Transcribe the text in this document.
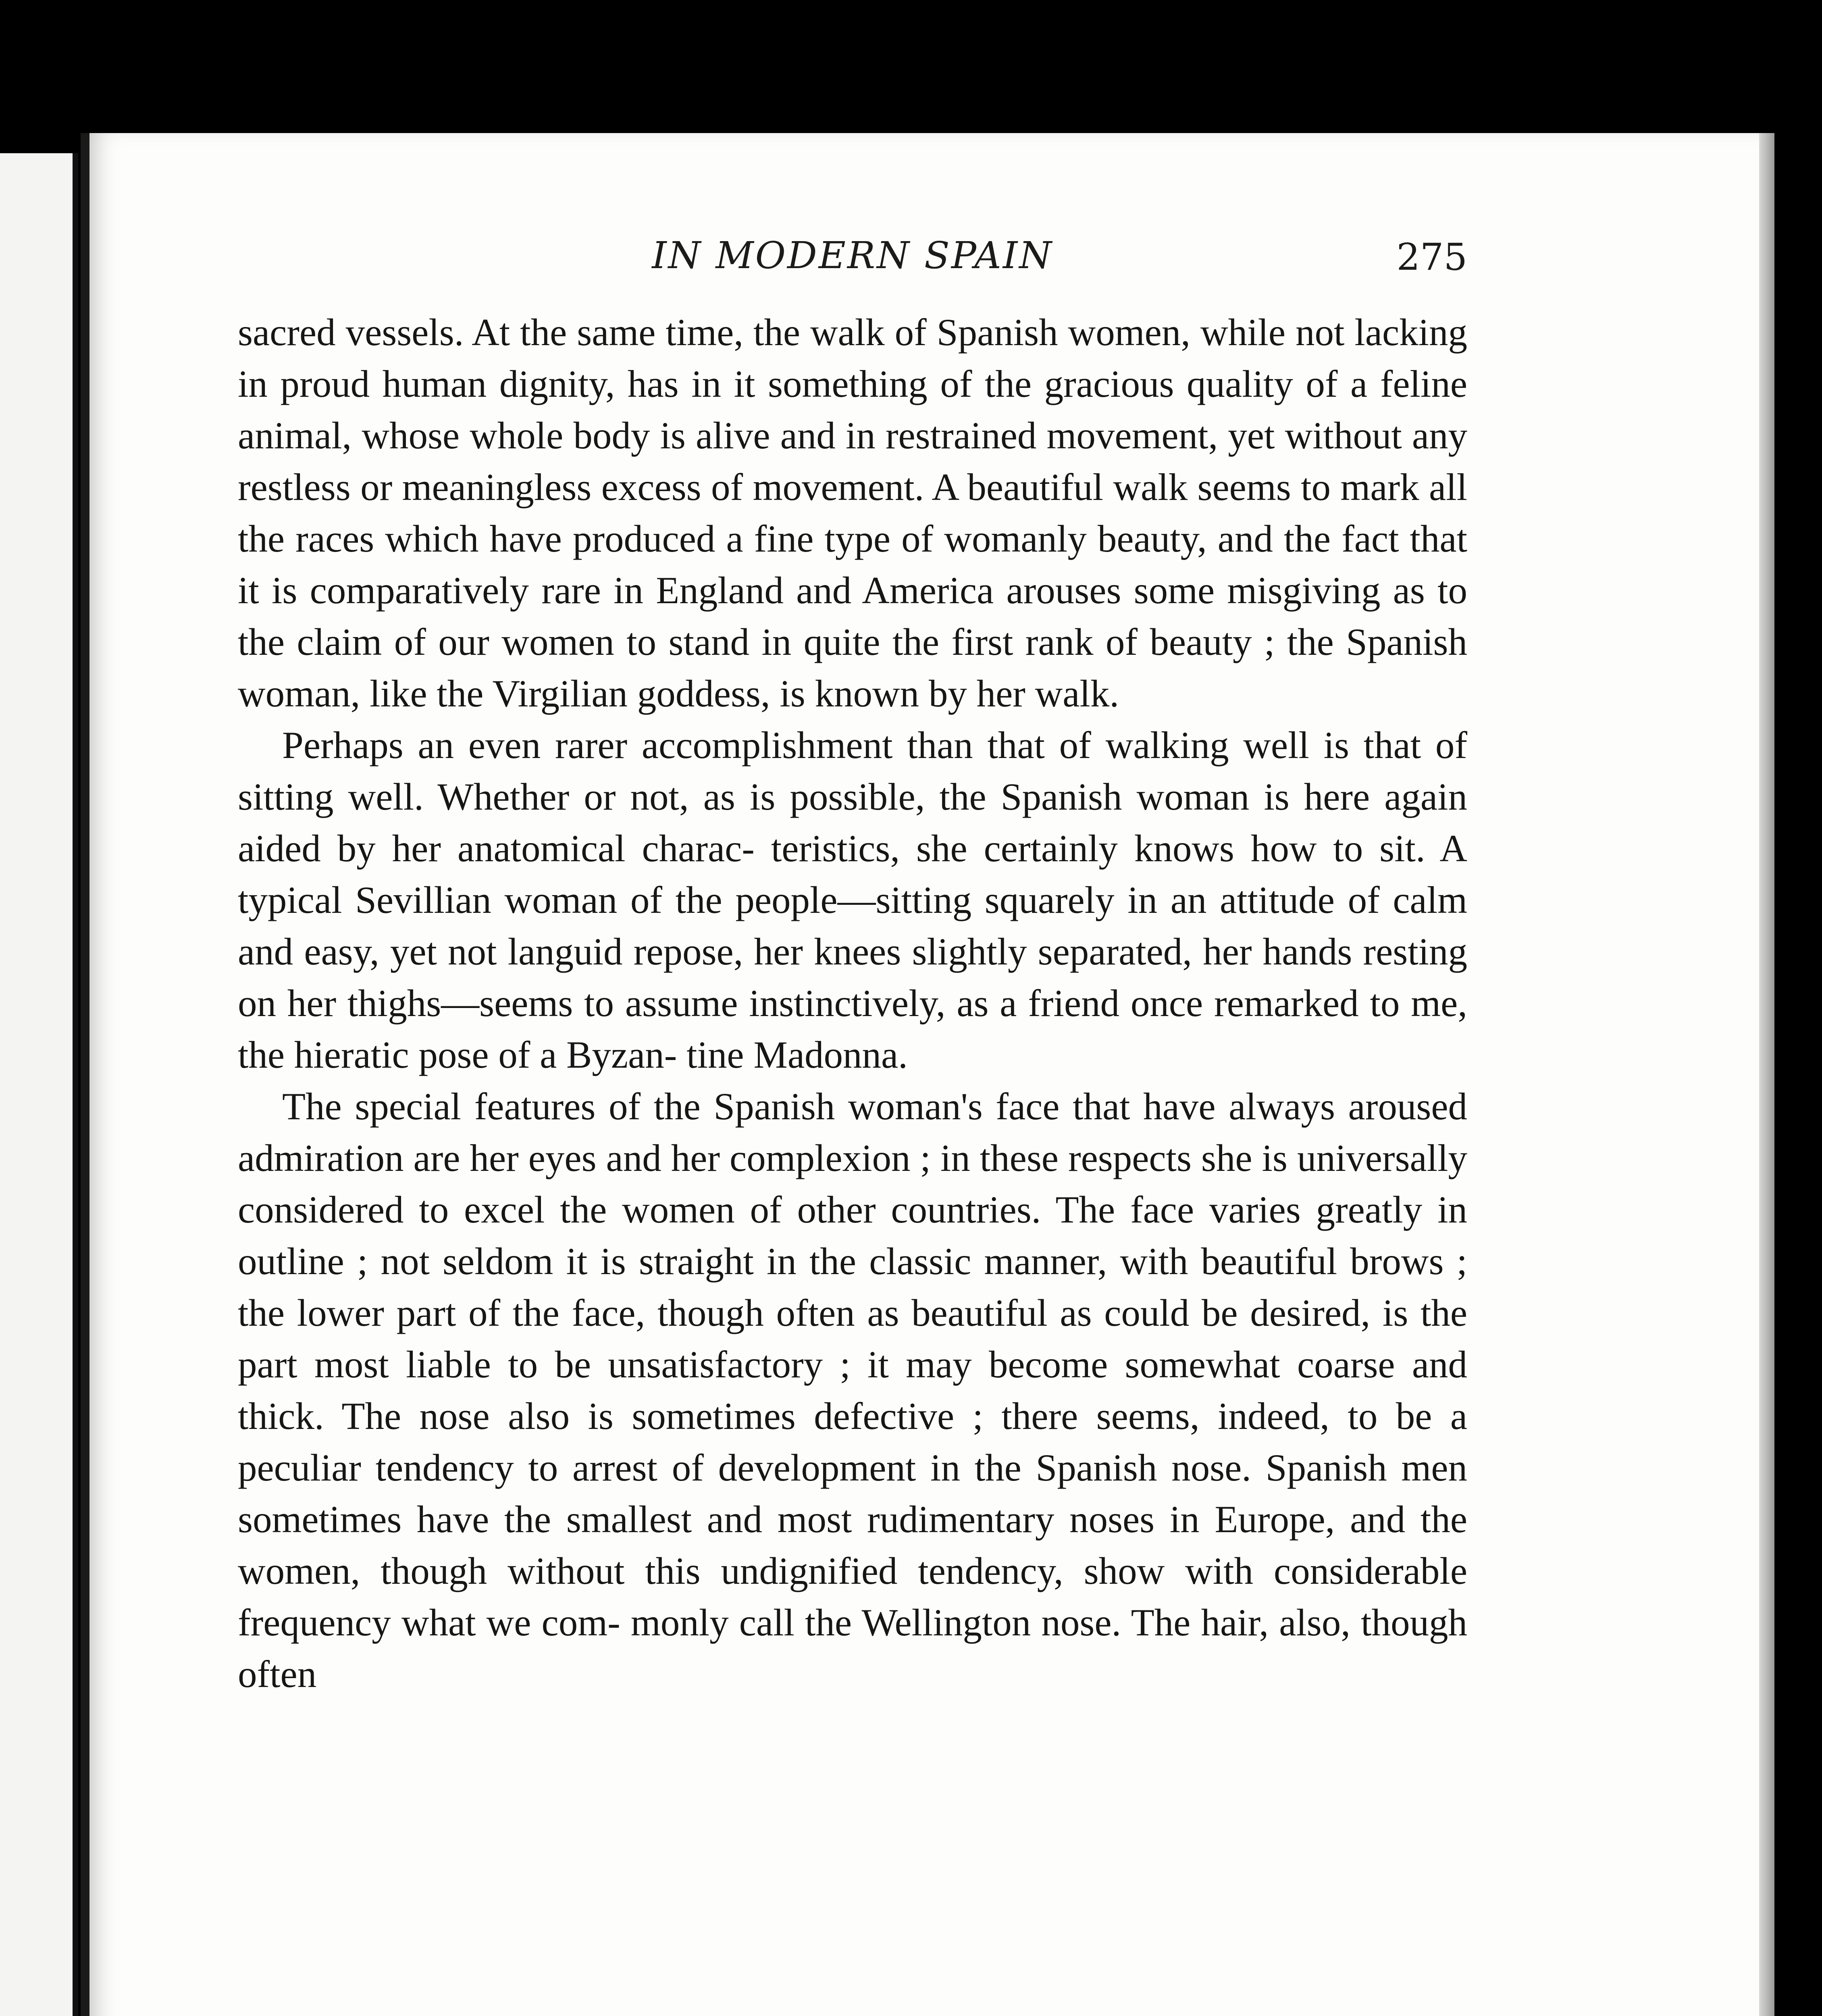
IN MODERN SPAIN	275

sacred vessels. At the same time, the walk of Spanish women, while not lacking in proud human dignity, has in it something of the gracious quality of a feline animal, whose whole body is alive and in restrained movement, yet without any restless or meaningless excess of movement. A beautiful walk seems to mark all the races which have produced a fine type of womanly beauty, and the fact that it is comparatively rare in England and America arouses some misgiving as to the claim of our women to stand in quite the first rank of beauty ; the Spanish woman, like the Virgilian goddess, is known by her walk.

Perhaps an even rarer accomplishment than that of walking well is that of sitting well. Whether or not, as is possible, the Spanish woman is here again aided by her anatomical charac- teristics, she certainly knows how to sit. A typical Sevillian woman of the people—sitting squarely in an attitude of calm and easy, yet not languid repose, her knees slightly separated, her hands resting on her thighs—seems to assume instinctively, as a friend once remarked to me, the hieratic pose of a Byzan- tine Madonna.

The special features of the Spanish woman's face that have always aroused admiration are her eyes and her complexion ; in these respects she is universally considered to excel the women of other countries. The face varies greatly in outline ; not seldom it is straight in the classic manner, with beautiful brows ; the lower part of the face, though often as beautiful as could be desired, is the part most liable to be unsatisfactory ; it may become somewhat coarse and thick. The nose also is sometimes defective ; there seems, indeed, to be a peculiar tendency to arrest of development in the Spanish nose. Spanish men sometimes have the smallest and most rudimentary noses in Europe, and the women, though without this undignified tendency, show with considerable frequency what we com- monly call the Wellington nose. The hair, also, though often
